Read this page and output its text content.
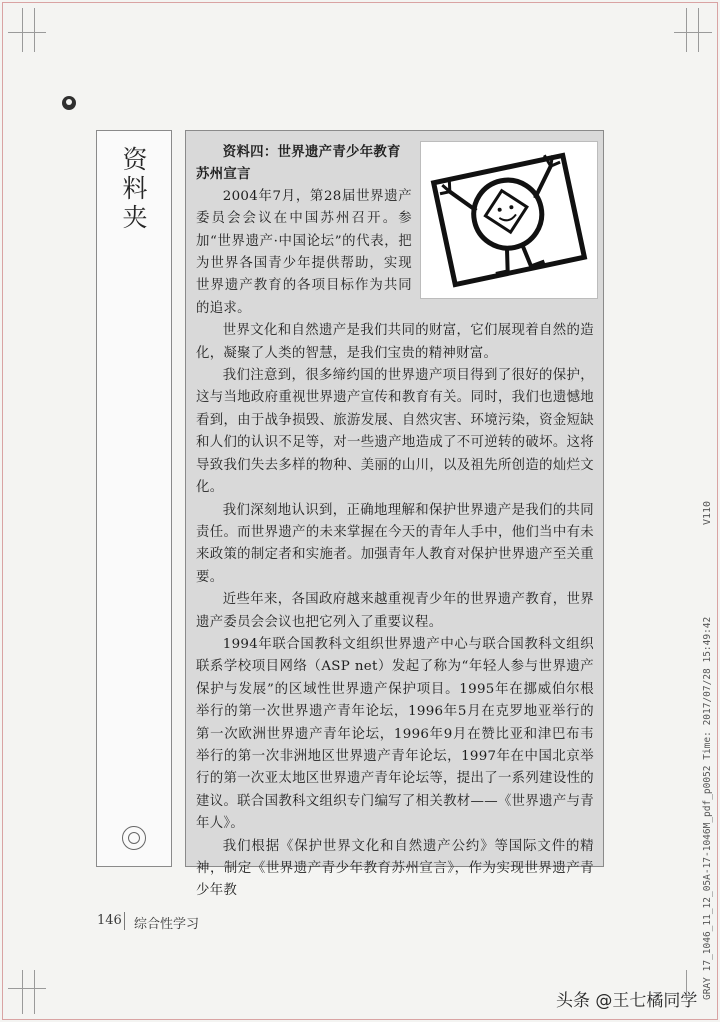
资料夹

资料四：世界遗产青少年教育苏州宣言

2004年7月，第28届世界遗产委员会会议在中国苏州召开。参加“世界遗产·中国论坛”的代表，把为世界各国青少年提供帮助，实现世界遗产教育的各项目标作为共同的追求。

世界文化和自然遗产是我们共同的财富，它们展现着自然的造化，凝聚了人类的智慧，是我们宝贵的精神财富。

我们注意到，很多缔约国的世界遗产项目得到了很好的保护，这与当地政府重视世界遗产宣传和教育有关。同时，我们也遗憾地看到，由于战争损毁、旅游发展、自然灾害、环境污染，资金短缺和人们的认识不足等，对一些遗产地造成了不可逆转的破坏。这将导致我们失去多样的物种、美丽的山川，以及祖先所创造的灿烂文化。

我们深刻地认识到，正确地理解和保护世界遗产是我们的共同责任。而世界遗产的未来掌握在今天的青年人手中，他们当中有未来政策的制定者和实施者。加强青年人教育对保护世界遗产至关重要。

近些年来，各国政府越来越重视青少年的世界遗产教育，世界遗产委员会会议也把它列入了重要议程。

1994年联合国教科文组织世界遗产中心与联合国教科文组织联系学校项目网络（ASP net）发起了称为“年轻人参与世界遗产保护与发展”的区域性世界遗产保护项目。1995年在挪威伯尔根举行的第一次世界遗产青年论坛，1996年5月在克罗地亚举行的第一次欧洲世界遗产青年论坛，1996年9月在赞比亚和津巴布韦举行的第一次非洲地区世界遗产青年论坛，1997年在中国北京举行的第一次亚太地区世界遗产青年论坛等，提出了一系列建设性的建议。联合国教科文组织专门编写了相关教材——《世界遗产与青年人》。

我们根据《保护世界文化和自然遗产公约》等国际文件的精神，制定《世界遗产青少年教育苏州宣言》，作为实现世界遗产青少年教

146 综合性学习
GRAY 17_1046_11_12_05A-17-1046M_pdf_p0052 Time: 2017/07/28 15:49:42
V110
头条 @王七橘同学
